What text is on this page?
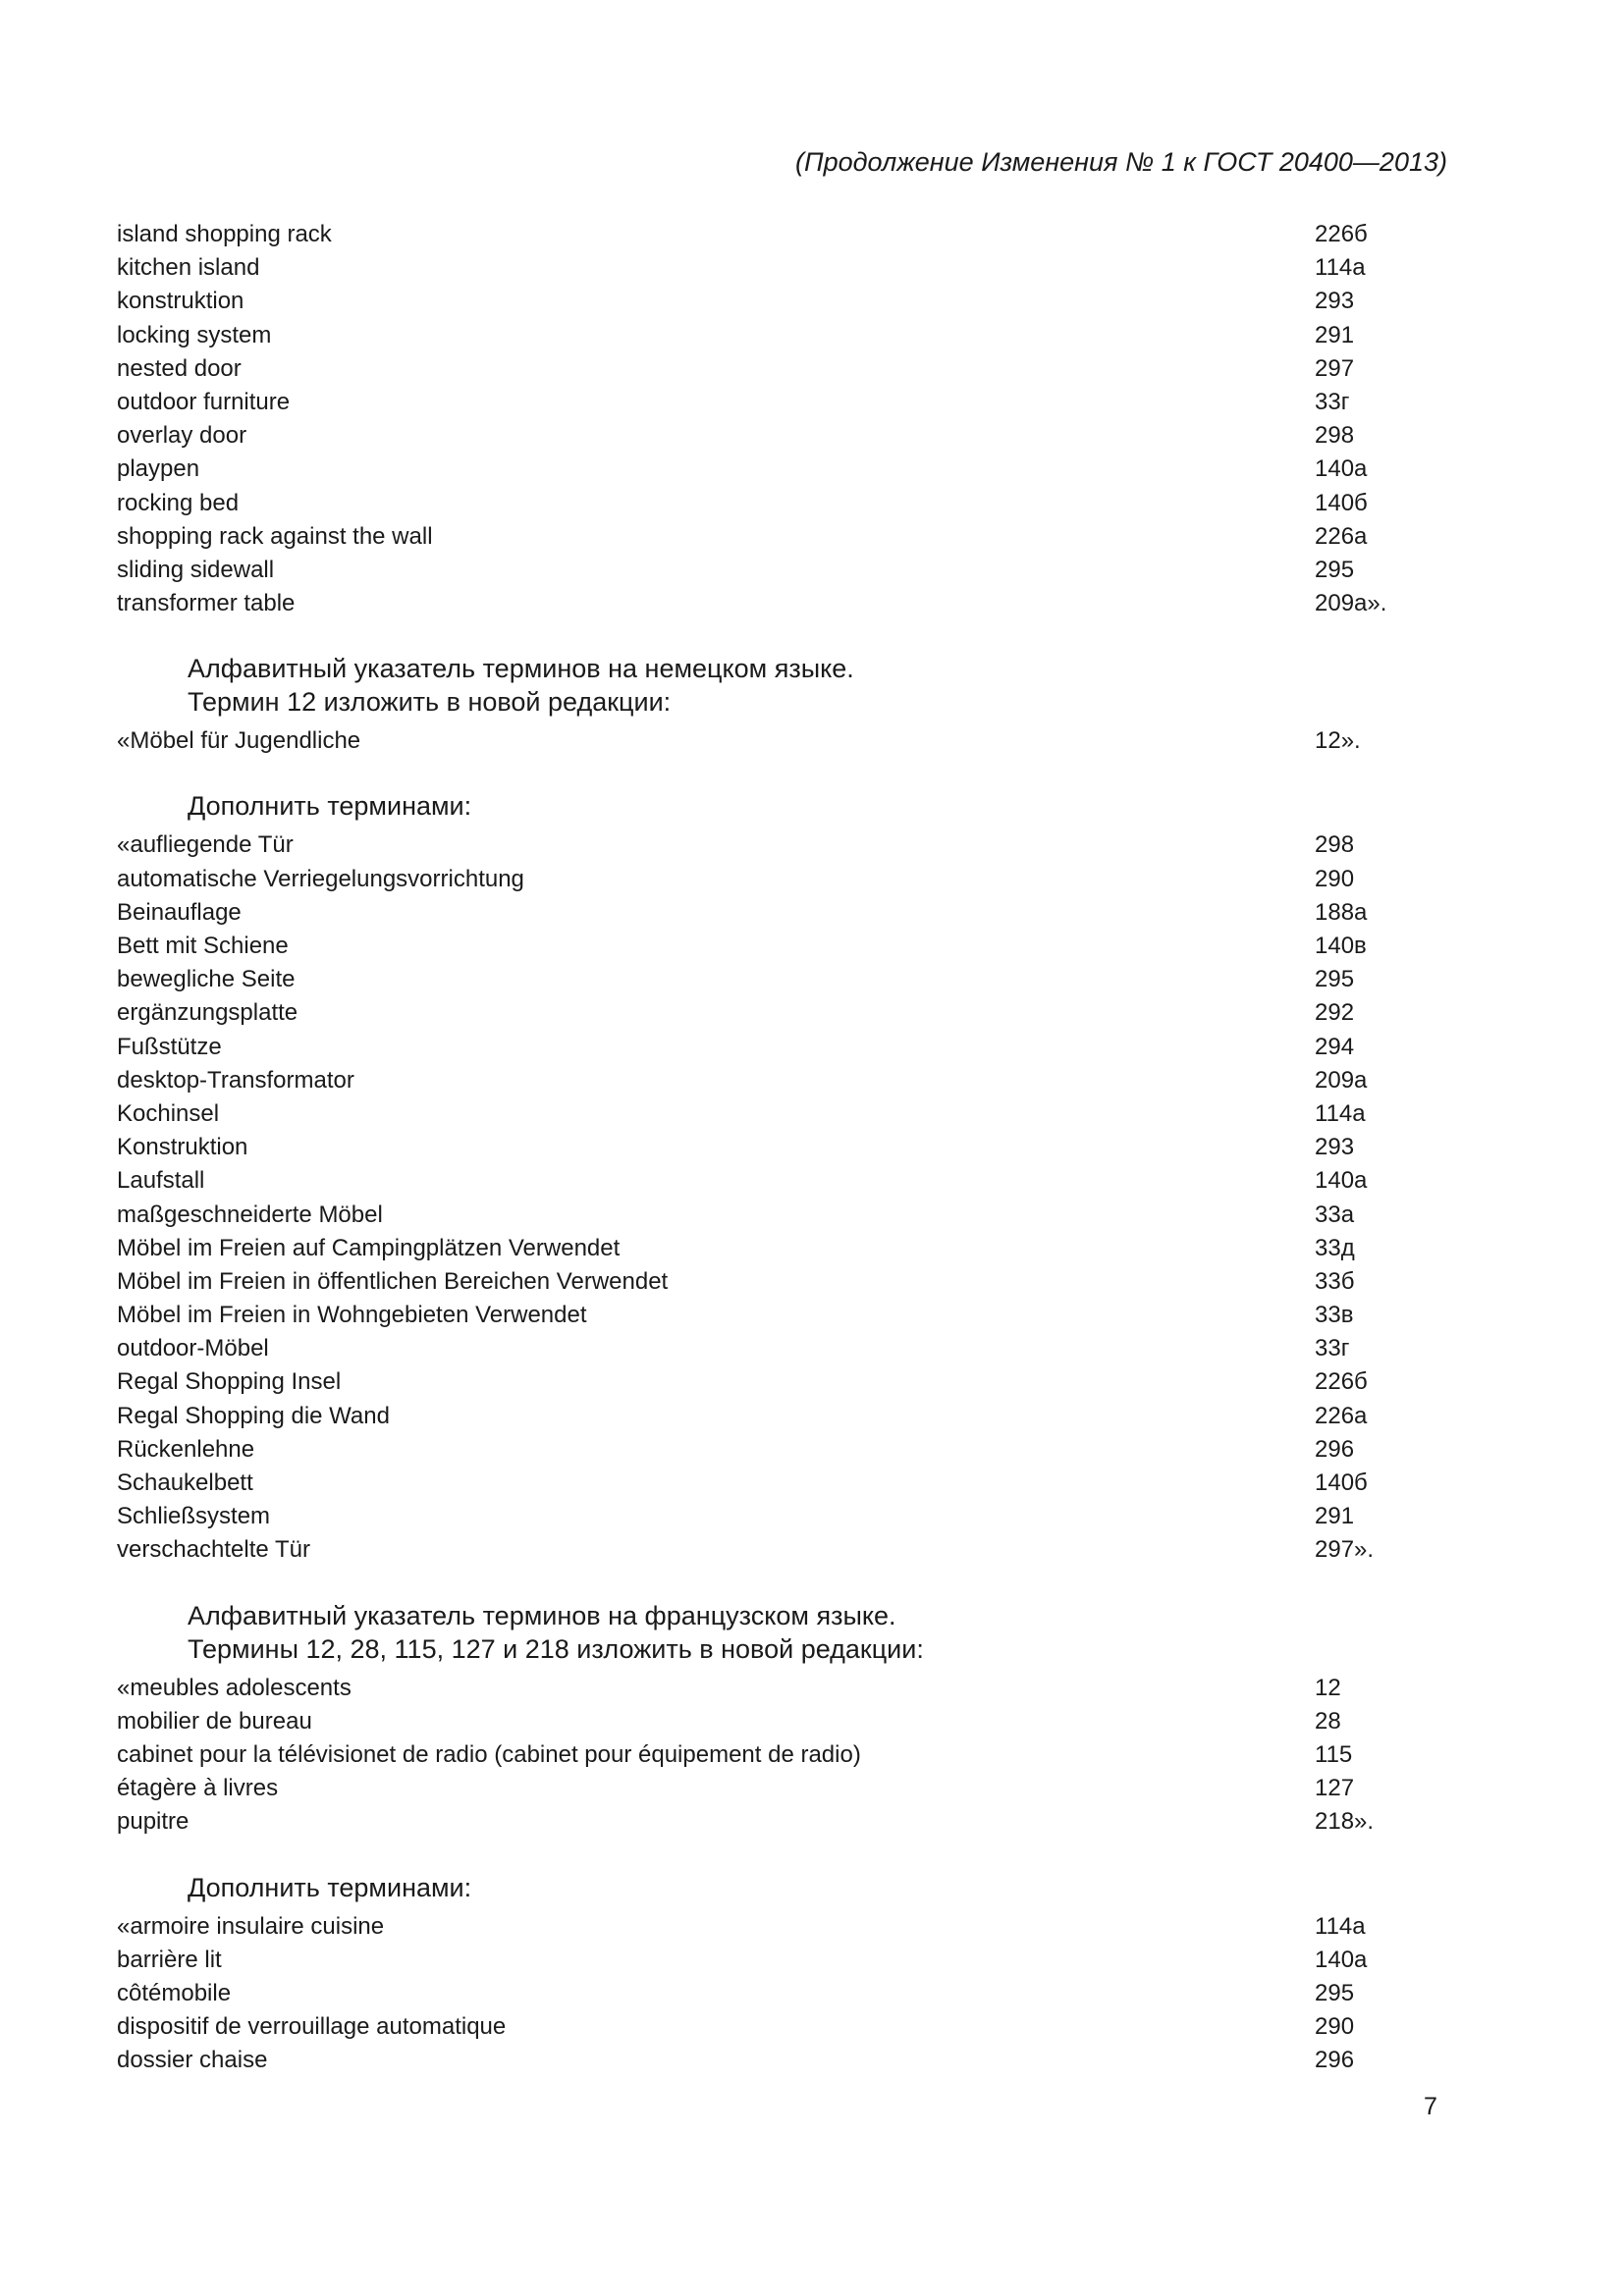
(Продолжение Изменения № 1 к ГОСТ 20400—2013)
island shopping rack	226б
kitchen island	114а
konstruktion	293
locking system	291
nested door	297
outdoor furniture	33г
overlay door	298
playpen	140а
rocking bed	140б
shopping rack against the wall	226а
sliding sidewall	295
transformer table	209а».
Алфавитный указатель терминов на немецком языке.
Термин 12 изложить в новой редакции:
«Möbel für Jugendliche	12».
Дополнить терминами:
«aufliegende Tür	298
automatische Verriegelungsvorrichtung	290
Beinauflage	188а
Bett mit Schiene	140в
bewegliche Seite	295
ergänzungsplatte	292
Fußstütze	294
desktop-Transformator	209а
Kochinsel	114а
Konstruktion	293
Laufstall	140а
maßgeschneiderte Möbel	33а
Möbel im Freien auf Campingplätzen Verwendet	33д
Möbel im Freien in öffentlichen Bereichen Verwendet	33б
Möbel im Freien in Wohngebieten Verwendet	33в
outdoor-Möbel	33г
Regal Shopping Insel	226б
Regal Shopping die Wand	226а
Rückenlehne	296
Schaukelbett	140б
Schließsystem	291
verschachtelte Tür	297».
Алфавитный указатель терминов на французском языке.
Термины 12, 28, 115, 127 и 218 изложить в новой редакции:
«meubles adolescents	12
mobilier de bureau	28
cabinet pour la télévisionet de radio (cabinet pour équipement de radio)	115
étagère à livres	127
pupitre	218».
Дополнить терминами:
«armoire insulaire cuisine	114а
barrière lit	140а
côtémobile	295
dispositif de verrouillage automatique	290
dossier chaise	296
7
